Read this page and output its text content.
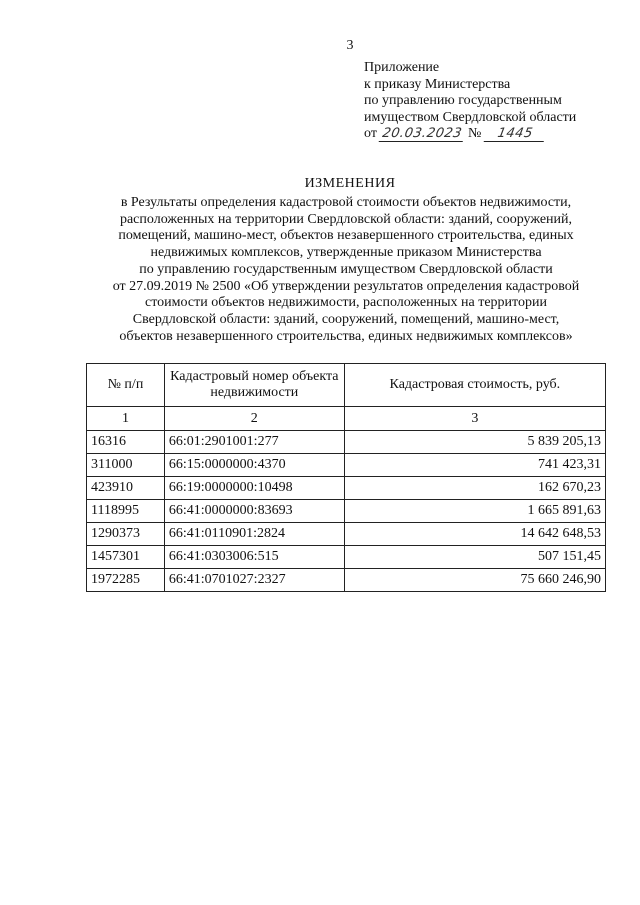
3
Приложение
к приказу Министерства
по управлению государственным
имуществом Свердловской области
от 20.03.2023 № 1445
ИЗМЕНЕНИЯ
в Результаты определения кадастровой стоимости объектов недвижимости,
расположенных на территории Свердловской области: зданий, сооружений,
помещений, машино-мест, объектов незавершенного строительства, единых
недвижимых комплексов, утвержденные приказом Министерства
по управлению государственным имуществом Свердловской области
от 27.09.2019 № 2500 «Об утверждении результатов определения кадастровой
стоимости объектов недвижимости, расположенных на территории
Свердловской области: зданий, сооружений, помещений, машино-мест,
объектов незавершенного строительства, единых недвижимых комплексов»
№ п/п	Кадастровый номер объекта недвижимости	Кадастровая стоимость, руб.
1	2	3
16316	66:01:2901001:277	5 839 205,13
311000	66:15:0000000:4370	741 423,31
423910	66:19:0000000:10498	162 670,23
1118995	66:41:0000000:83693	1 665 891,63
1290373	66:41:0110901:2824	14 642 648,53
1457301	66:41:0303006:515	507 151,45
1972285	66:41:0701027:2327	75 660 246,90
